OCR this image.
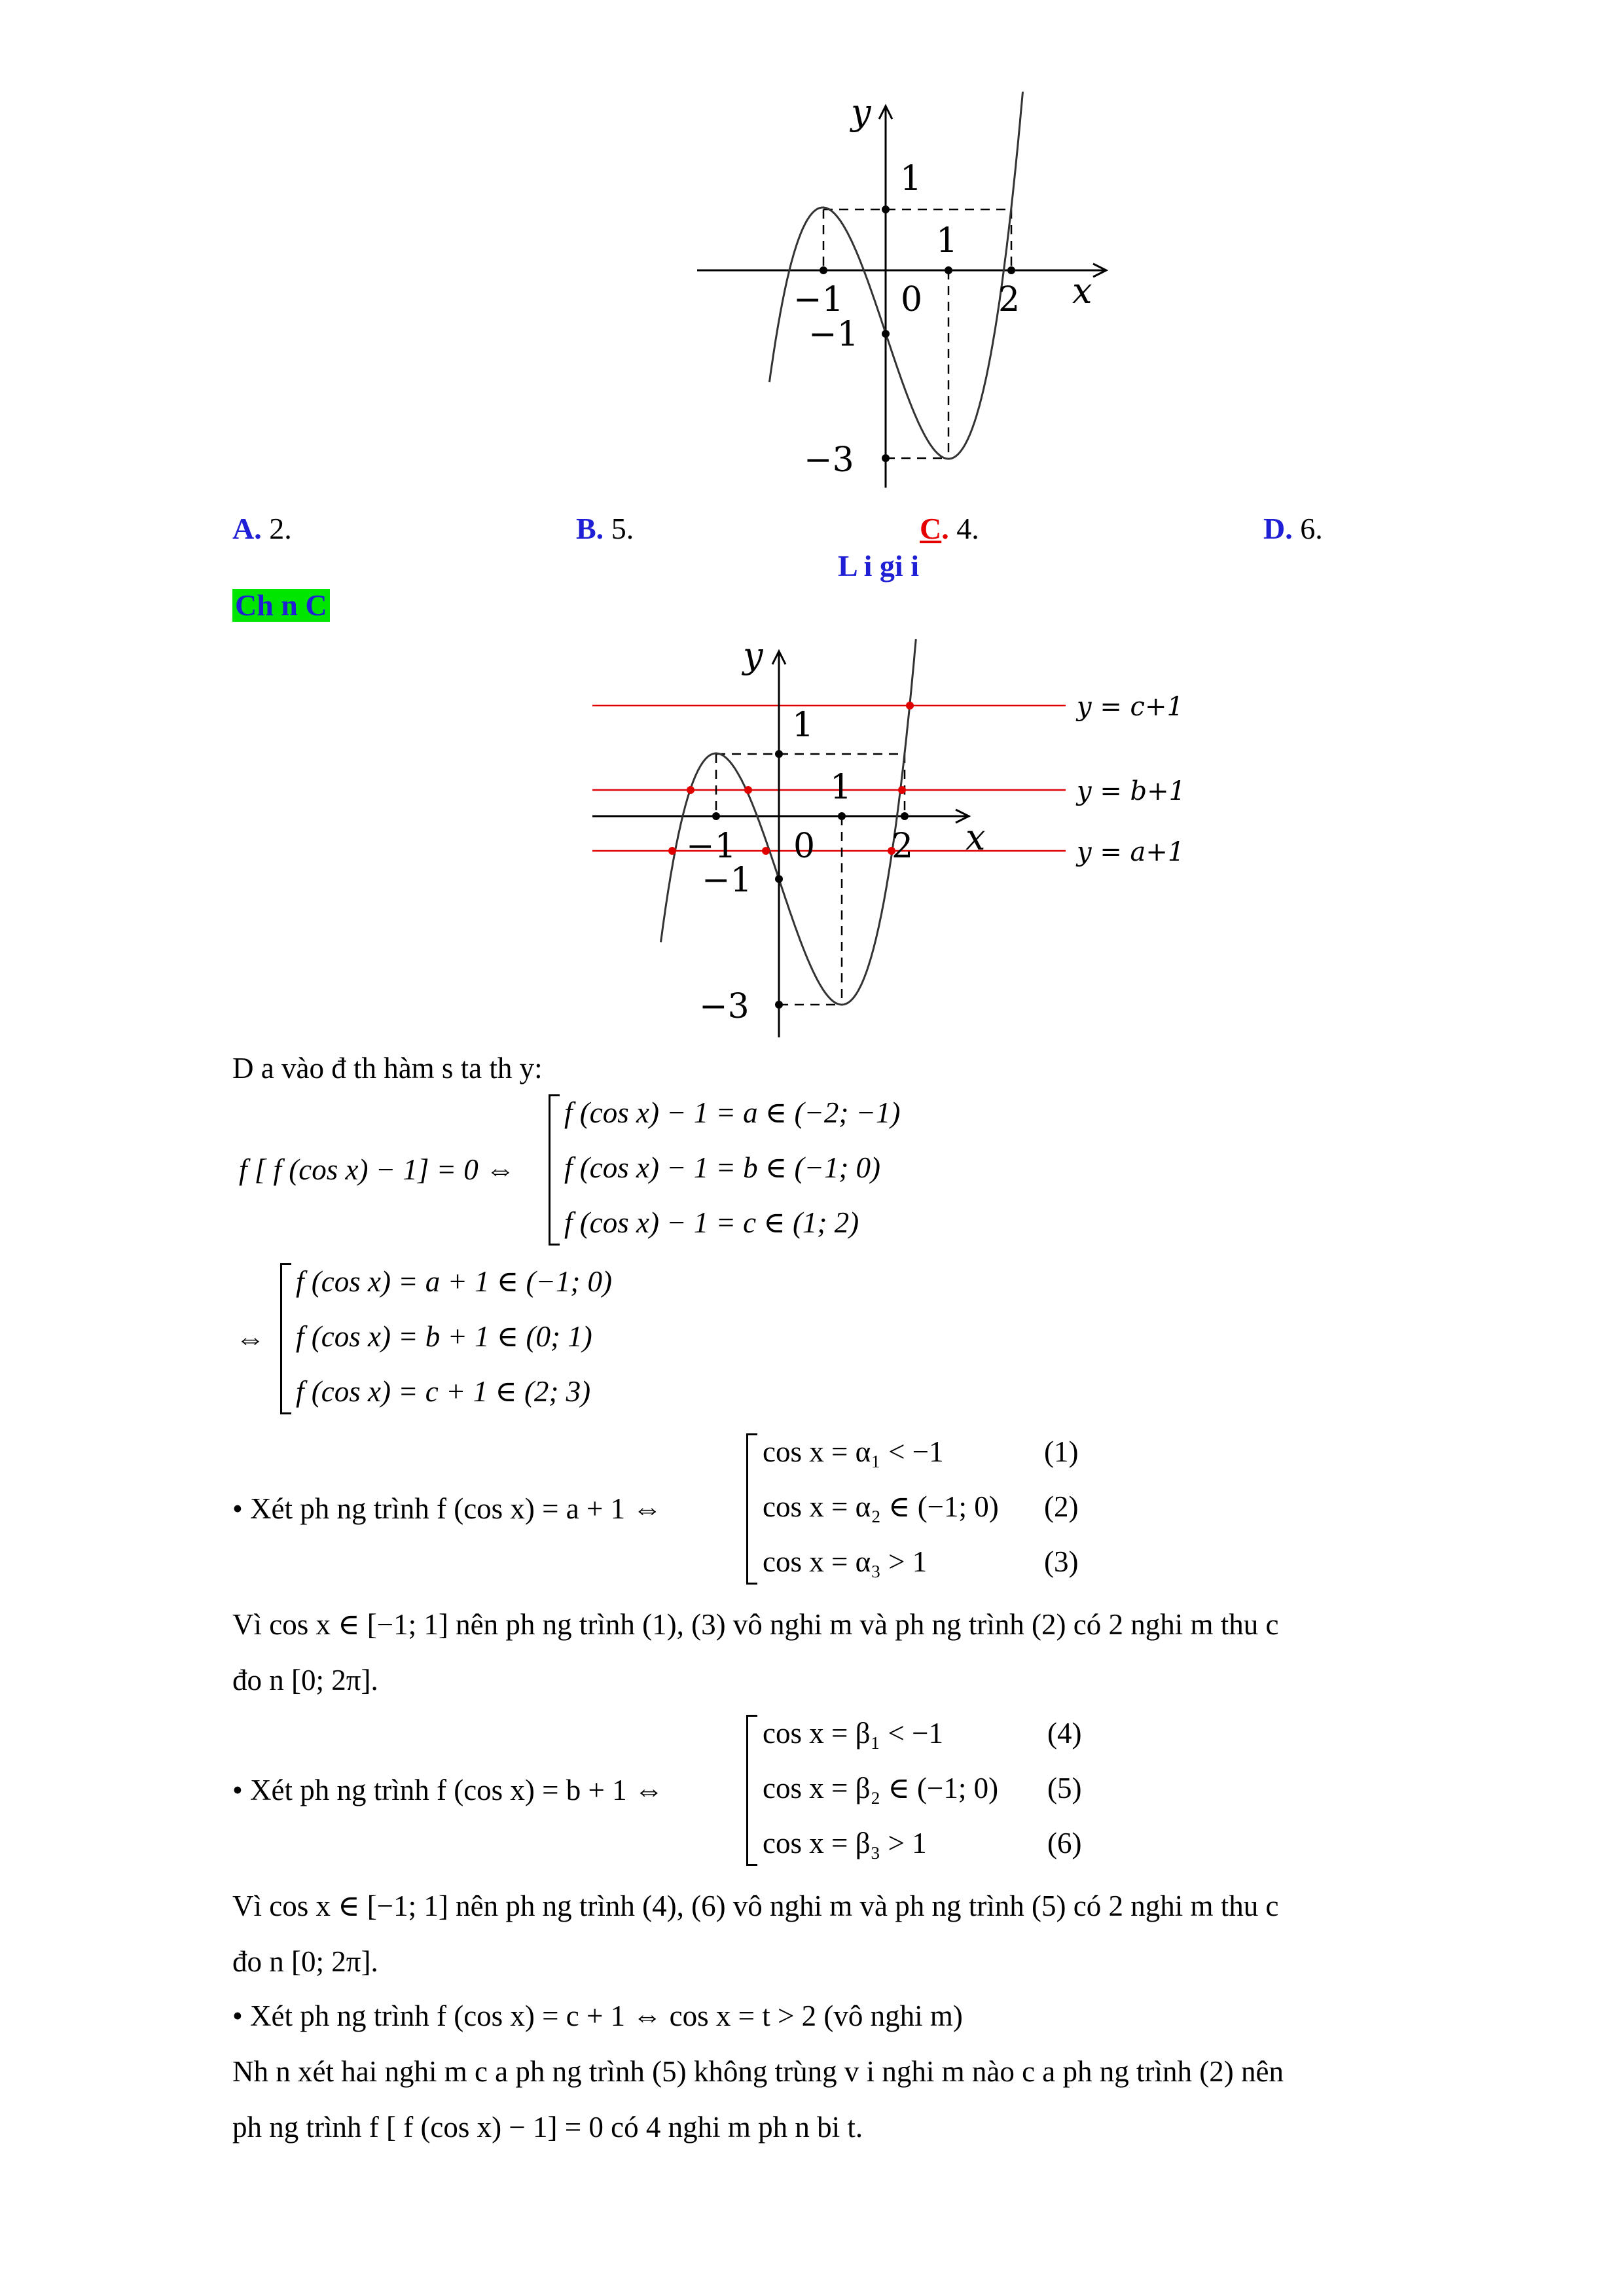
y
x
1
1
−1 0 2
−1
−3
A. 2.	B. 5.	C. 4.	D. 6.
L i gi i
Ch n C
y
x
1
1
−1 0 2
−1
−3
y = c+1
y = b+1
y = a+1
D a vào đ th hàm s ta th y:
f [ f (cos x) − 1] = 0 ⇔
f (cos x) − 1 = a ∈ (−2; −1)
f (cos x) − 1 = b ∈ (−1; 0)
f (cos x) − 1 = c ∈ (1; 2)
⇔
f (cos x) = a + 1 ∈ (−1; 0)
f (cos x) = b + 1 ∈ (0; 1)
f (cos x) = c + 1 ∈ (2; 3)
• Xét ph ng trình f (cos x) = a + 1 ⇔
cos x = α₁ < −1
cos x = α₂ ∈ (−1; 0)
cos x = α₃ > 1
(1)
(2)
(3)
Vì cos x ∈ [−1; 1] nên ph ng trình (1), (3) vô nghi m và ph ng trình (2) có 2 nghi m thu c
đo n [0; 2π].
• Xét ph ng trình f (cos x) = b + 1 ⇔
cos x = β₁ < −1
cos x = β₂ ∈ (−1; 0)
cos x = β₃ > 1
(4)
(5)
(6)
Vì cos x ∈ [−1; 1] nên ph ng trình (4), (6) vô nghi m và ph ng trình (5) có 2 nghi m thu c
đo n [0; 2π].
• Xét ph ng trình f (cos x) = c + 1 ⇔ cos x = t > 2 (vô nghi m)
Nh n xét hai nghi m c a ph ng trình (5) không trùng v i nghi m nào c a ph ng trình (2) nên
ph ng trình f [ f (cos x) − 1] = 0 có 4 nghi m ph n bi t.
